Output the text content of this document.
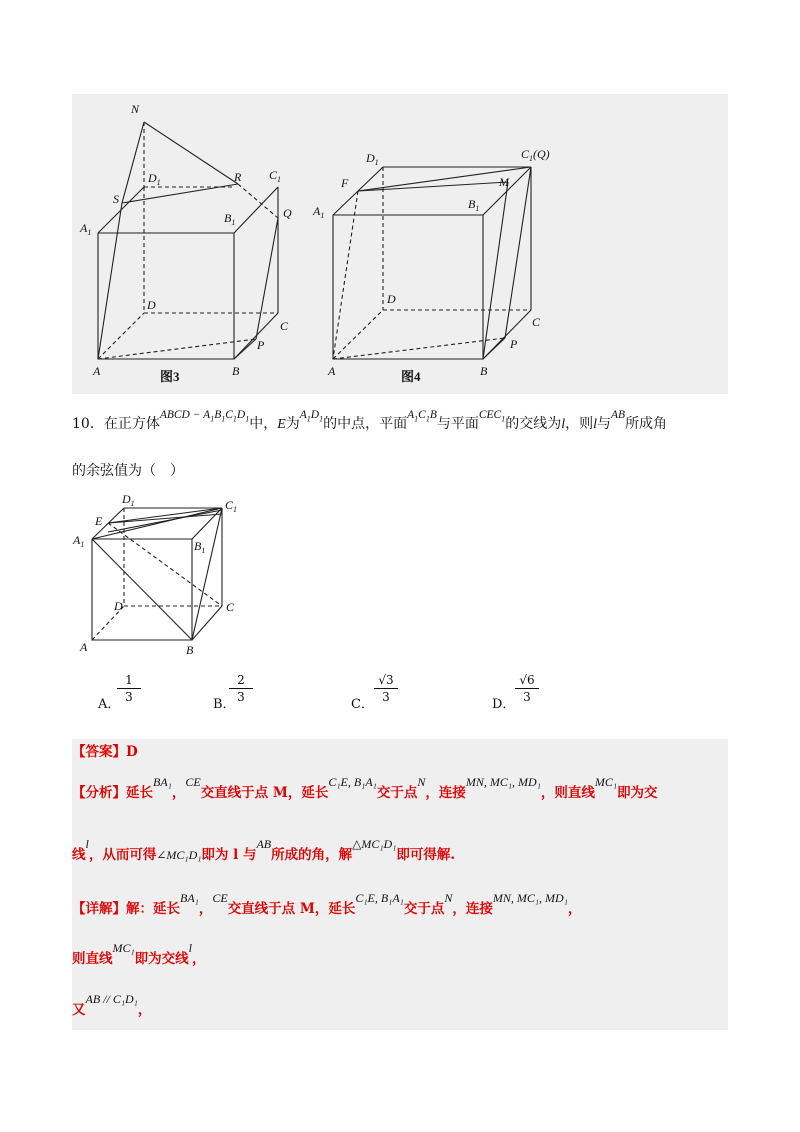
N
S
$D_1$	R $C_1$
$A_1$
$B_1$
Q
D
C
P
A	B
图3
$D_1$
$C_1(Q)$
F	M
$A_1$
$B_1$
D
C
P
A	B
图4
10．在正方体$^{ABCD - A_1B_1C_1D_1}$中，E为$^{A_1D_1}$的中点，平面$^{A_1C_1B}$与平面$^{CEC_1}$的交线为l，则l与$^{AB}$所成角
的余弦值为（　）
$D_1$	$C_1$
E
$A_1$	$B_1$
D	C
A	B
A．
$\frac{1}{3}$
B．
$\frac{2}{3}$
C．
$\frac{√3}{3}$
D．
$\frac{√6}{3}$
【答案】D
【分析】延长BA₁，CE交直线于点 M，延长C₁E, B₁A₁交于点N，连接MN, MC₁, MD₁，则直线MC₁即为交
线l，从而可得∠MC₁D₁即为 l 与AB所成的角，解△MC₁D₁即可得解.
【详解】解：延长BA₁，CE交直线于点 M，延长C₁E, B₁A₁交于点N，连接MN, MC₁, MD₁，
则直线MC₁即为交线l，
又AB // C₁D₁，
